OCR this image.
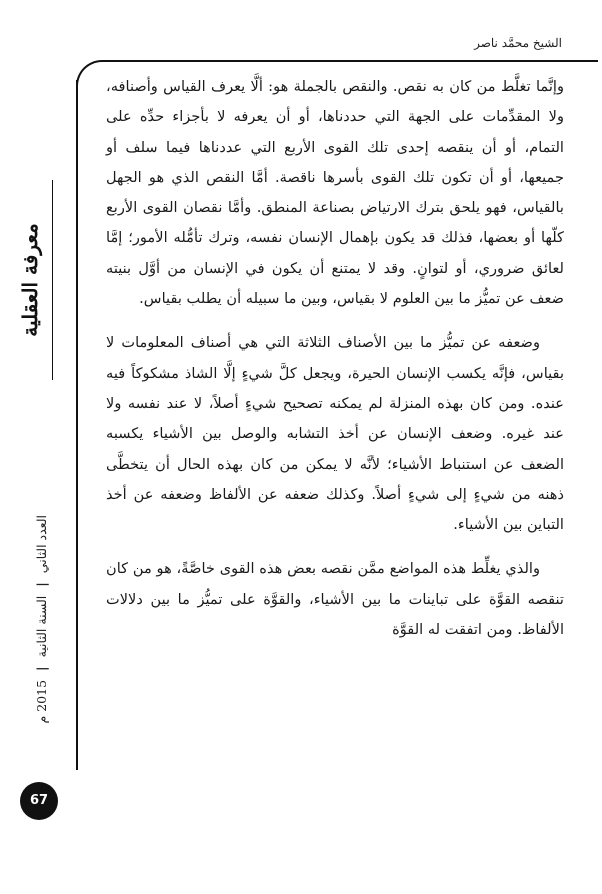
الشيخ محمَّد ناصر

وإنَّما تغلَّط من كان به نقص. والنقص بالجملة هو: ألَّا يعرف القياس وأصنافه، ولا المقدِّمات على الجهة التي حددناها، أو أن يعرفه لا بأجزاء حدِّه على التمام، أو أن ينقصه إحدى تلك القوى الأربع التي عددناها فيما سلف أو جميعها، أو أن تكون تلك القوى بأسرها ناقصة. أمَّا النقص الذي هو الجهل بالقياس، فهو يلحق بترك الارتياض بصناعة المنطق. وأمَّا نقصان القوى الأربع كلّها أو بعضها، فذلك قد يكون بإهمال الإنسان نفسه، وترك تأمُّله الأمور؛ إمَّا لعائق ضروري، أو لتوانٍ. وقد لا يمتنع أن يكون في الإنسان من أوَّل بنيته ضعف عن تميُّز ما بين العلوم لا بقياس، وبين ما سبيله أن يطلب بقياس.

وضعفه عن تميُّز ما بين الأصناف الثلاثة التي هي أصناف المعلومات لا بقياس، فإنَّه يكسب الإنسان الحيرة، ويجعل كلَّ شيءٍ إلَّا الشاذ مشكوكاً فيه عنده. ومن كان بهذه المنزلة لم يمكنه تصحيح شيءٍ أصلاً، لا عند نفسه ولا عند غيره. وضعف الإنسان عن أخذ التشابه والوصل بين الأشياء يكسبه الضعف عن استنباط الأشياء؛ لأنَّه لا يمكن من كان بهذه الحال أن يتخطَّى ذهنه من شيءٍ إلى شيءٍ أصلاً. وكذلك ضعفه عن الألفاظ وضعفه عن أخذ التباين بين الأشياء.

والذي يغلِّط هذه المواضع ممَّن نقصه بعض هذه القوى خاصَّةً، هو من كان تنقصه القوَّة على تباينات ما بين الأشياء، والقوَّة على تميُّز ما بين دلالات الألفاظ. ومن اتفقت له القوَّة

معرفة العقلية
العدد الثاني | السنة الثانية | 2015 م
67
